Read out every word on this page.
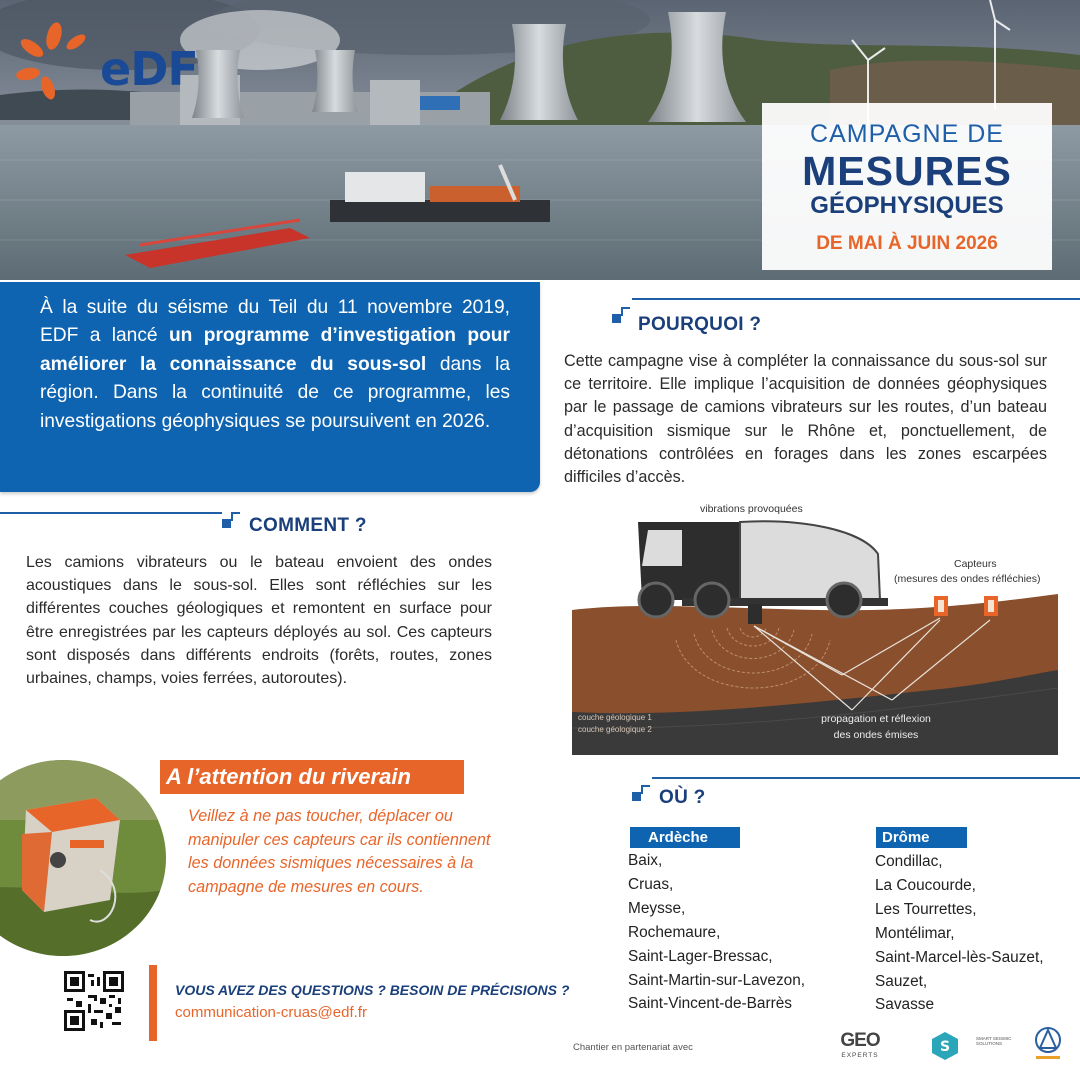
eDF
CAMPAGNE DE
MESURES
GÉOPHYSIQUES
DE MAI À JUIN 2026

À la suite du séisme du Teil du 11 novembre 2019, EDF a lancé un programme d’investigation pour améliorer la connaissance du sous-sol dans la région. Dans la continuité de ce programme, les investigations géophysiques se poursuivent en 2026.

POURQUOI ?

Cette campagne vise à compléter la connaissance du sous-sol sur ce territoire. Elle implique l’acquisition de données géophysiques par le passage de camions vibrateurs sur les routes, d’un bateau d’acquisition sismique sur le Rhône et, ponctuellement, de détonations contrôlées en forages dans les zones escarpées difficiles d’accès.

COMMENT ?

Les camions vibrateurs ou le bateau envoient des ondes acoustiques dans le sous-sol. Elles sont réfléchies sur les différentes couches géologiques et remontent en surface pour être enregistrées par les capteurs déployés au sol. Ces capteurs sont disposés dans différents endroits (forêts, routes, zones urbaines, champs, voies ferrées, autoroutes).

vibrations provoquées
Capteurs
(mesures des ondes réfléchies)
couche géologique 1
couche géologique 2
propagation et réflexion
des ondes émises
A l’attention du riverain

Veillez à ne pas toucher, déplacer ou manipuler ces capteurs car ils contiennent les données sismiques nécessaires à la campagne de mesures en cours.

OÙ ?
Ardèche
Baix,
Cruas,
Meysse,
Rochemaure,
Saint-Lager-Bressac,
Saint-Martin-sur-Lavezon,
Saint-Vincent-de-Barrès
Drôme
Condillac,
La Coucourde,
Les Tourrettes,
Montélimar,
Saint-Marcel-lès-Sauzet,
Sauzet,
Savasse
VOUS AVEZ DES QUESTIONS ? BESOIN DE PRÉCISIONS ?
communication-cruas@edf.fr
Chantier en partenariat avec	GEO
EXPERTS
S
SMART SEISMIC SOLUTIONS
